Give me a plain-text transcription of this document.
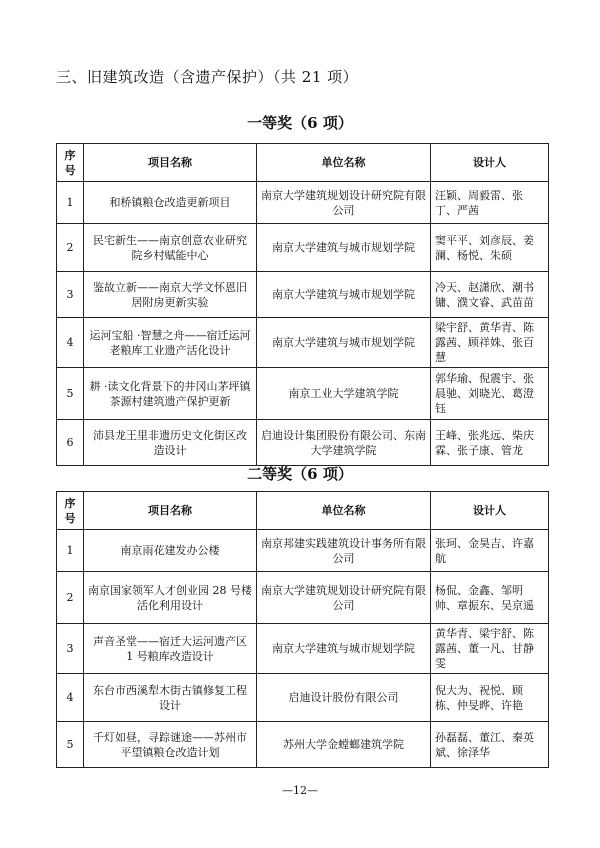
三、旧建筑改造（含遗产保护）（共 21 项）
一等奖（6 项）
序号	项目名称	单位名称	设计人
1	和桥镇粮仓改造更新项目	南京大学建筑规划设计研究院有限公司	汪颖、周毅雷、张丁、严茜
2	民宅新生——南京创意农业研究院乡村赋能中心	南京大学建筑与城市规划学院	窦平平、刘彦辰、姜澜、杨悦、朱硕
3	鉴故立新——南京大学文怀恩旧居附房更新实验	南京大学建筑与城市规划学院	冷天、赵潇欣、潮书镛、濮文睿、武苗苗
4	运河宝船 ·智慧之舟——宿迁运河老粮库工业遗产活化设计	南京大学建筑与城市规划学院	梁宇舒、黄华青、陈露茜、顾祥姝、张百慧
5	耕 ·读文化背景下的井冈山茅坪镇茶源村建筑遗产保护更新	南京工业大学建筑学院	郭华瑜、倪震宇、张晨驰、刘晓光、葛澄钰
6	沛县龙王里非遗历史文化街区改造设计	启迪设计集团股份有限公司、东南大学建筑学院	王峰、张兆远、柴庆霖、张子康、管龙
二等奖（6 项）
序号	项目名称	单位名称	设计人
1	南京雨花建发办公楼	南京邦建实践建筑设计事务所有限公司	张珂、金昊吉、许嘉航
2	南京国家领军人才创业园 28 号楼活化利用设计	南京大学建筑规划设计研究院有限公司	杨侃、金鑫、邹明帅、章振东、吴京遥
3	声音圣堂——宿迁大运河遗产区 1 号粮库改造设计	南京大学建筑与城市规划学院	黄华青、梁宇舒、陈露茜、董一凡、甘静雯
4	东台市西溪犁木街古镇修复工程设计	启迪设计股份有限公司	倪大为、祝悦、顾栋、仲旻晔、许艳
5	千灯如昼，寻踪谜途——苏州市平望镇粮仓改造计划	苏州大学金螳螂建筑学院	孙磊磊、董江、秦英斌、徐泽华
—12—
